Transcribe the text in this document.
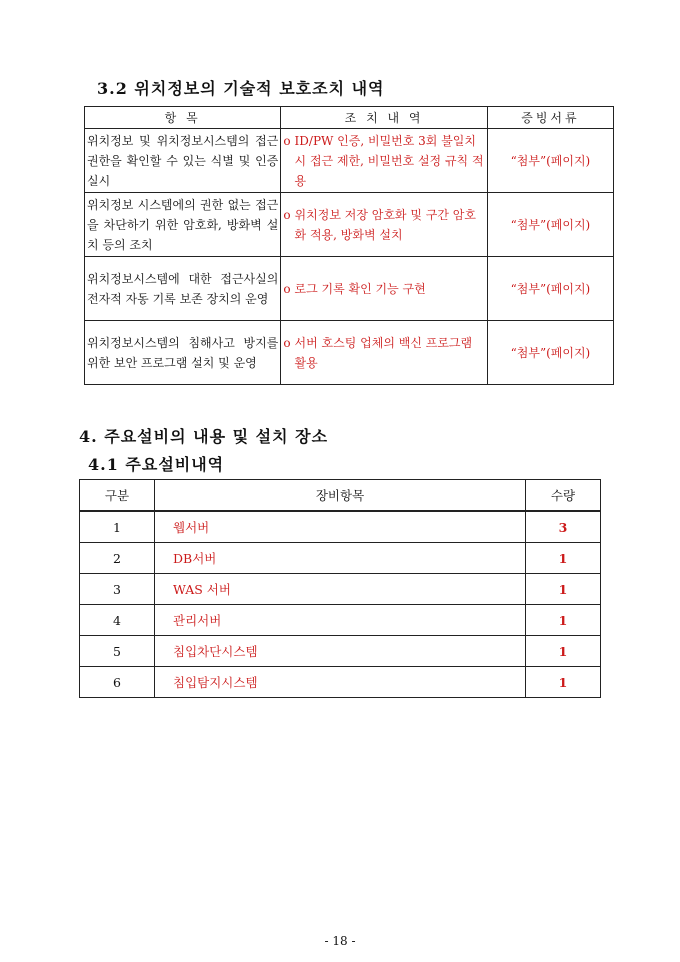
3.2 위치정보의 기술적 보호조치 내역
항 목	조 치 내 역	증빙서류
위치정보 및 위치정보시스템의 접근 권한을 확인할 수 있는 식별 및 인증 실시	o ID/PW 인증, 비밀번호 3회 불일치시 접근 제한, 비밀번호 설정 규칙 적용	“첨부”(페이지)
위치정보 시스템에의 권한 없는 접근을 차단하기 위한 암호화, 방화벽 설치 등의 조치	o 위치정보 저장 암호화 및 구간 암호화 적용, 방화벽 설치	“첨부”(페이지)
위치정보시스템에 대한 접근사실의 전자적 자동 기록 보존 장치의 운영	o 로그 기록 확인 기능 구현	“첨부”(페이지)
위치정보시스템의 침해사고 방지를 위한 보안 프로그램 설치 및 운영	o 서버 호스팅 업체의 백신 프로그램 활용	“첨부”(페이지)
4. 주요설비의 내용 및 설치 장소
4.1 주요설비내역
구분	장비항목	수량
1	웹서버	3
2	DB서버	1
3	WAS 서버	1
4	관리서버	1
5	침입차단시스템	1
6	침입탐지시스템	1
- 18 -
